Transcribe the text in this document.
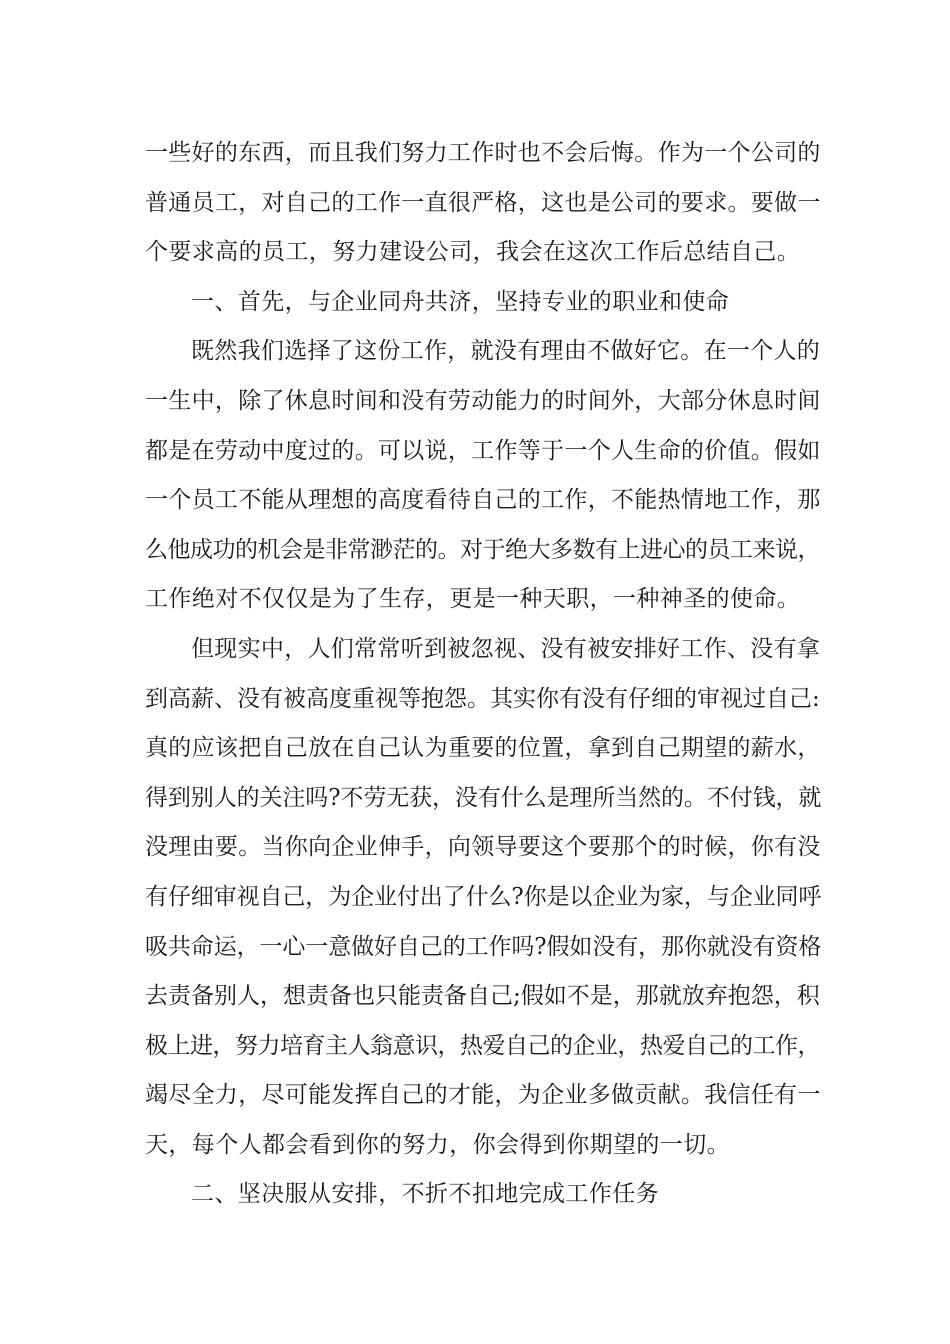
一些好的东西，而且我们努力工作时也不会后悔。作为一个公司的
普通员工，对自己的工作一直很严格，这也是公司的要求。要做一
个要求高的员工，努力建设公司，我会在这次工作后总结自己。
一、首先，与企业同舟共济，坚持专业的职业和使命
既然我们选择了这份工作，就没有理由不做好它。在一个人的
一生中，除了休息时间和没有劳动能力的时间外，大部分休息时间
都是在劳动中度过的。可以说，工作等于一个人生命的价值。假如
一个员工不能从理想的高度看待自己的工作，不能热情地工作，那
么他成功的机会是非常渺茫的。对于绝大多数有上进心的员工来说，
工作绝对不仅仅是为了生存，更是一种天职，一种神圣的使命。
但现实中，人们常常听到被忽视、没有被安排好工作、没有拿
到高薪、没有被高度重视等抱怨。其实你有没有仔细的审视过自己:
真的应该把自己放在自己认为重要的位置，拿到自己期望的薪水，
得到别人的关注吗?不劳无获，没有什么是理所当然的。不付钱，就
没理由要。当你向企业伸手，向领导要这个要那个的时候，你有没
有仔细审视自己，为企业付出了什么?你是以企业为家，与企业同呼
吸共命运，一心一意做好自己的工作吗?假如没有，那你就没有资格
去责备别人，想责备也只能责备自己;假如不是，那就放弃抱怨，积
极上进，努力培育主人翁意识，热爱自己的企业，热爱自己的工作，
竭尽全力，尽可能发挥自己的才能，为企业多做贡献。我信任有一
天，每个人都会看到你的努力，你会得到你期望的一切。
二、坚决服从安排，不折不扣地完成工作任务
